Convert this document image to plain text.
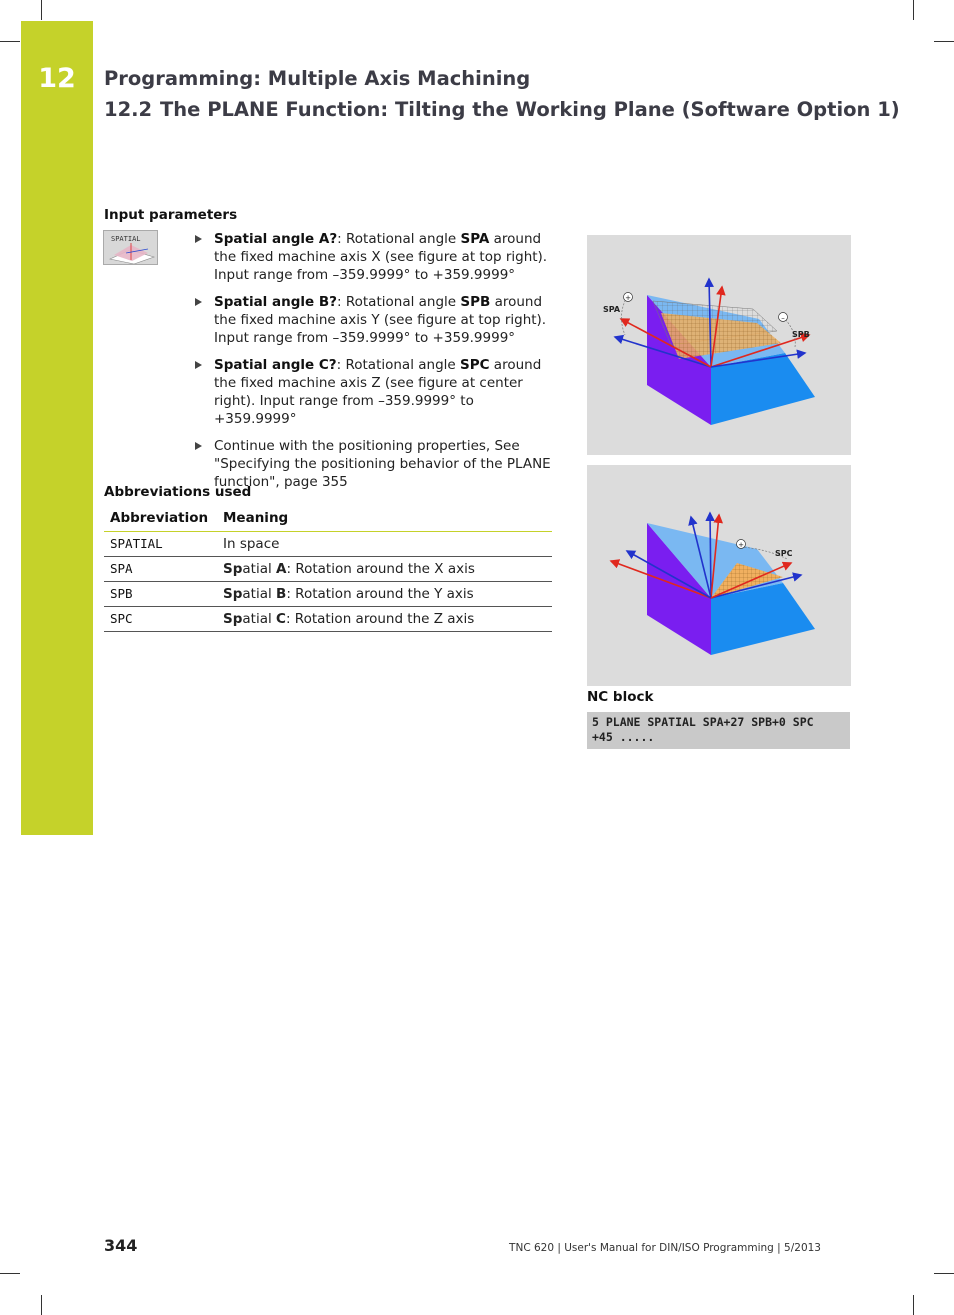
12	Programming: Multiple Axis Machining
12.2 The PLANE Function: Tilting the Working Plane (Software Option 1)
Input parameters
SPATIAL	Spatial angle A?: Rotational angle SPA around the fixed machine axis X (see figure at top right). Input range from –359.9999° to +359.9999°
Spatial angle B?: Rotational angle SPB around the fixed machine axis Y (see figure at top right). Input range from –359.9999° to +359.9999°
Spatial angle C?: Rotational angle SPC around the fixed machine axis Z (see figure at center right). Input range from –359.9999° to +359.9999°
Continue with the positioning properties, See "Specifying the positioning behavior of the PLANE function", page 355
Abbreviations used
Abbreviation	Meaning
SPATIAL	In space
SPA	Spatial A: Rotation around the X axis
SPB	Spatial B: Rotation around the Y axis
SPC	Spatial C: Rotation around the Z axis
+
–
SPA
SPB
+
SPC
NC block
5 PLANE SPATIAL SPA+27 SPB+0 SPC
+45 .....
344	TNC 620 | User's Manual for DIN/ISO Programming | 5/2013
